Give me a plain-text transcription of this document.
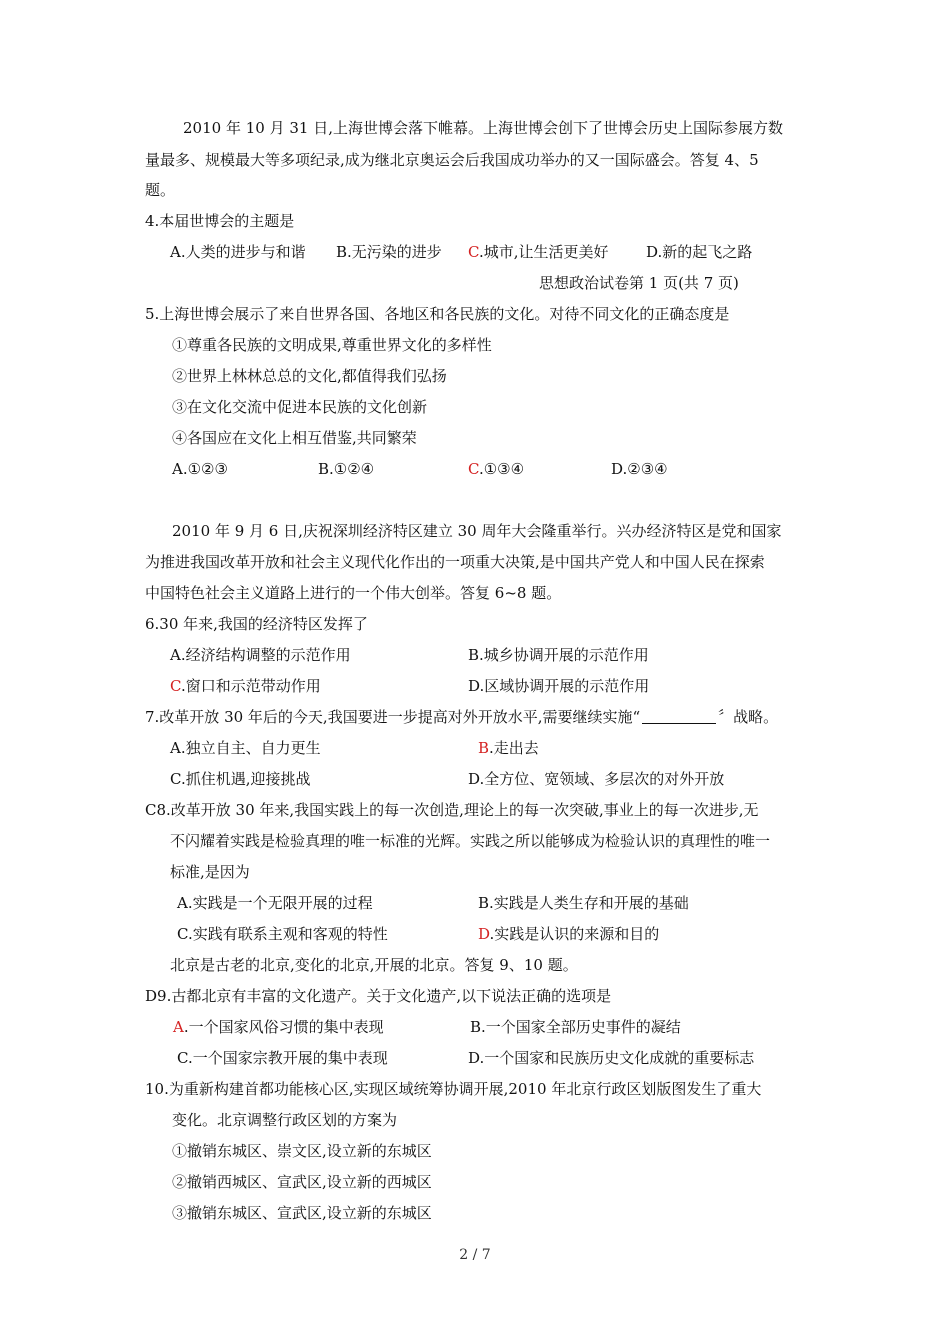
2010 年 10 月 31 日,上海世博会落下帷幕。上海世博会创下了世博会历史上国际参展方数
量最多、规模最大等多项纪录,成为继北京奥运会后我国成功举办的又一国际盛会。答复 4、5
题。
4.本届世博会的主题是
A.人类的进步与和谐 B.无污染的进步 C.城市,让生活更美好	D.新的起飞之路
思想政治试卷第 1 页(共 7 页)
5.上海世博会展示了来自世界各国、各地区和各民族的文化。对待不同文化的正确态度是
①尊重各民族的文明成果,尊重世界文化的多样性
②世界上林林总总的文化,都值得我们弘扬
③在文化交流中促进本民族的文化创新
④各国应在文化上相互借鉴,共同繁荣
A.①②③	B.①②④	C.①③④	D.②③④
2010 年 9 月 6 日,庆祝深圳经济特区建立 30 周年大会隆重举行。兴办经济特区是党和国家
为推进我国改革开放和社会主义现代化作出的一项重大决策,是中国共产党人和中国人民在探索
中国特色社会主义道路上进行的一个伟大创举。答复 6~8 题。
6.30 年来,我国的经济特区发挥了
A.经济结构调整的示范作用	B.城乡协调开展的示范作用
C.窗口和示范带动作用	D.区域协调开展的示范作用
7.改革开放 30 年后的今天,我国要进一步提高对外开放水平,需要继续实施“	〞战略。
A.独立自主、自力更生	B.走出去
C.抓住机遇,迎接挑战	D.全方位、宽领域、多层次的对外开放
C8.改革开放 30 年来,我国实践上的每一次创造,理论上的每一次突破,事业上的每一次进步,无
不闪耀着实践是检验真理的唯一标准的光辉。实践之所以能够成为检验认识的真理性的唯一
标准,是因为
A.实践是一个无限开展的过程	B.实践是人类生存和开展的基础
C.实践有联系主观和客观的特性	D.实践是认识的来源和目的
北京是古老的北京,变化的北京,开展的北京。答复 9、10 题。
D9.古都北京有丰富的文化遗产。关于文化遗产,以下说法正确的选项是
A.一个国家风俗习惯的集中表现	B.一个国家全部历史事件的凝结
C.一个国家宗教开展的集中表现	D.一个国家和民族历史文化成就的重要标志
10.为重新构建首都功能核心区,实现区域统筹协调开展,2010 年北京行政区划版图发生了重大
变化。北京调整行政区划的方案为
①撤销东城区、崇文区,设立新的东城区
②撤销西城区、宣武区,设立新的西城区
③撤销东城区、宣武区,设立新的东城区
2 / 7
